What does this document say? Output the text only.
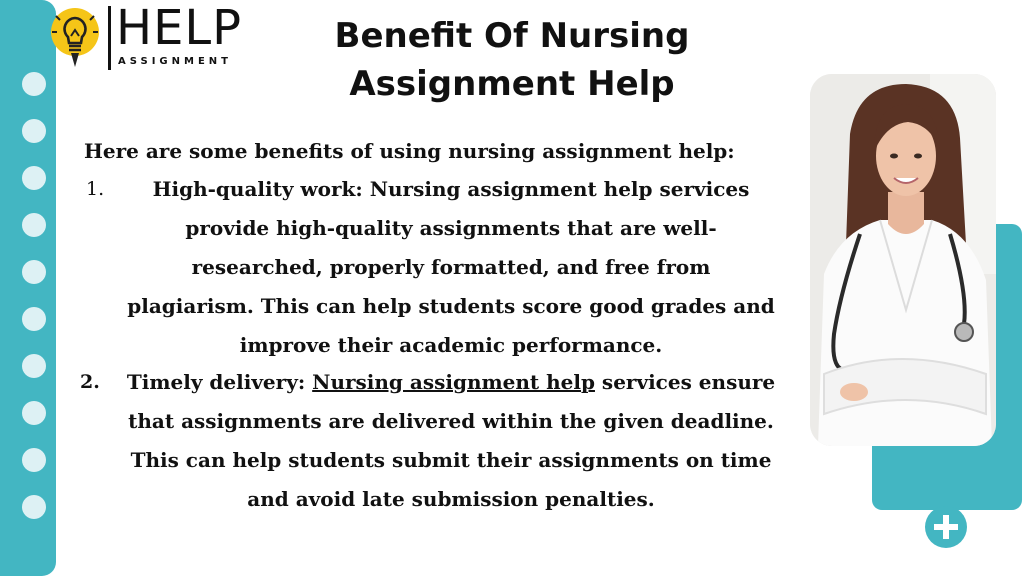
HELP
ASSIGNMENT
Benefit Of Nursing
Assignment Help

Here are some benefits of using nursing assignment help:

1.	High-quality work: Nursing assignment help services
provide high-quality assignments that are well-
researched, properly formatted, and free from
plagiarism. This can help students score good grades and
improve their academic performance.
2.	Timely delivery: Nursing assignment help services ensure
that assignments are delivered within the given deadline.
This can help students submit their assignments on time
and avoid late submission penalties.
